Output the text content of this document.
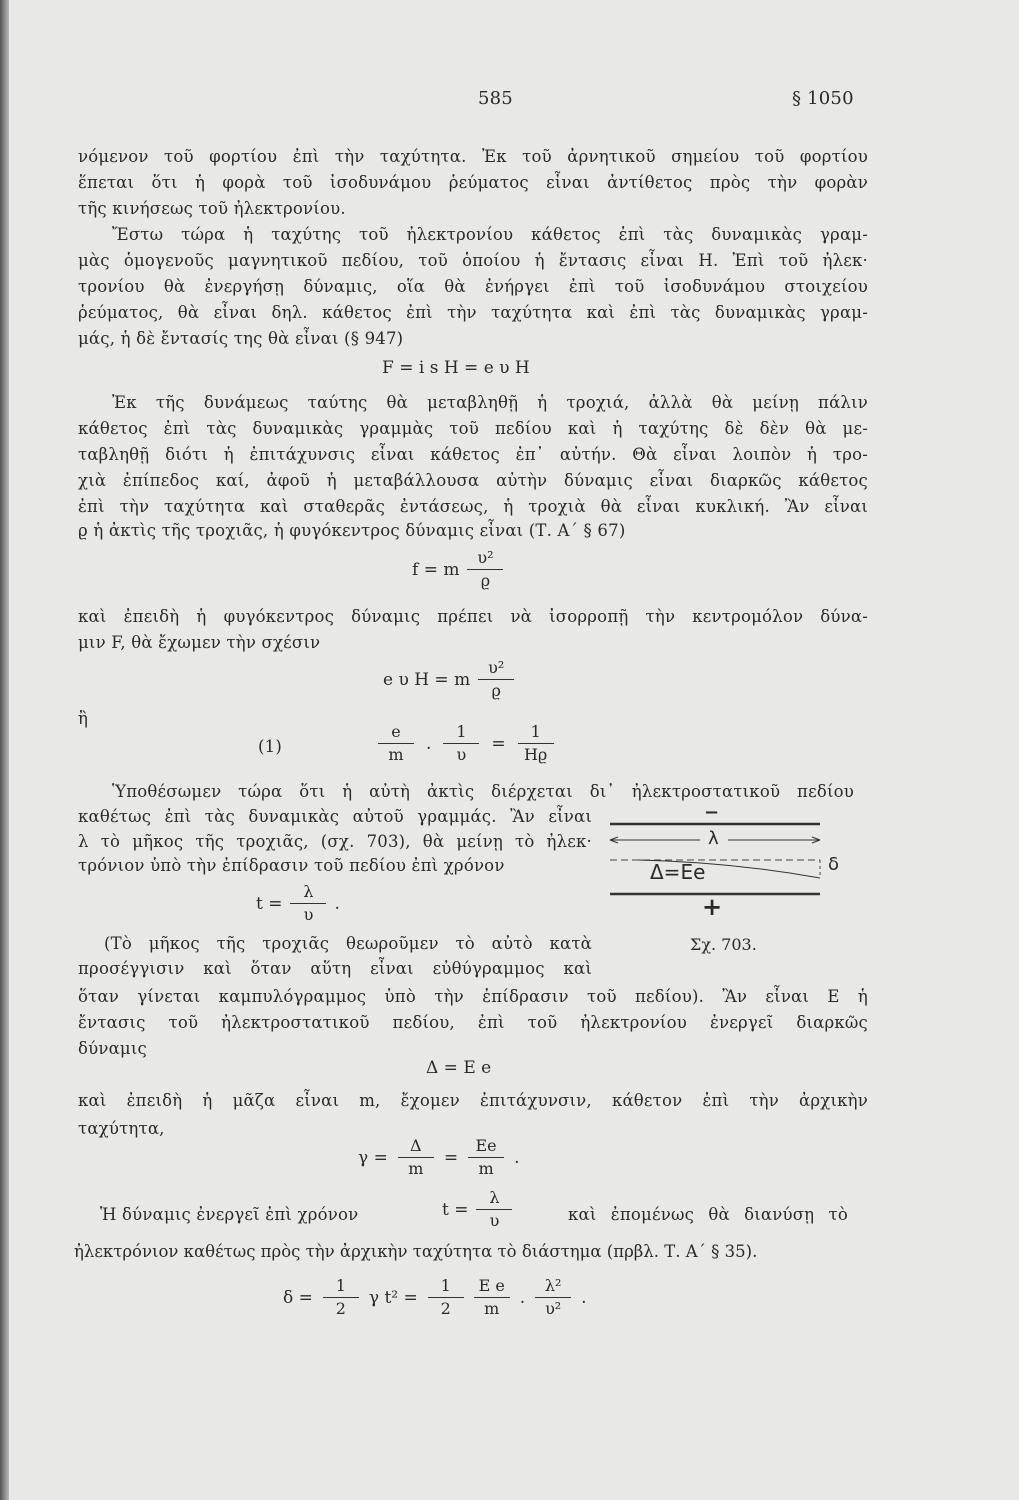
585	§ 1050
νόμενον τοῦ φορτίου ἐπὶ τὴν ταχύτητα. Ἐκ τοῦ ἀρνητικοῦ σημείου τοῦ φορτίου
ἕπεται ὅτι ἡ φορὰ τοῦ ἰσοδυνάμου ῥεύματος εἶναι ἀντίθετος πρὸς τὴν φορὰν
τῆς κινήσεως τοῦ ἠλεκτρονίου.
Ἔστω τώρα ἡ ταχύτης τοῦ ἠλεκτρονίου κάθετος ἐπὶ τὰς δυναμικὰς γραμ-
μὰς ὁμογενοῦς μαγνητικοῦ πεδίου, τοῦ ὁποίου ἡ ἔντασις εἶναι H. Ἐπὶ τοῦ ἠλεκ·
τρονίου θὰ ἐνεργήσῃ δύναμις, οἵα θὰ ἐνήργει ἐπὶ τοῦ ἰσοδυνάμου στοιχείου
ῥεύματος, θὰ εἶναι δηλ. κάθετος ἐπὶ τὴν ταχύτητα καὶ ἐπὶ τὰς δυναμικὰς γραμ-
μάς, ἡ δὲ ἔντασίς της θὰ εἶναι (§ 947)
F = i s H = e υ H
Ἐκ τῆς δυνάμεως ταύτης θὰ μεταβληθῇ ἡ τροχιά, ἀλλὰ θὰ μείνῃ πάλιν
κάθετος ἐπὶ τὰς δυναμικὰς γραμμὰς τοῦ πεδίου καὶ ἡ ταχύτης δὲ δὲν θὰ με-
ταβληθῇ διότι ἡ ἐπιτάχυνσις εἶναι κάθετος ἐπ᾽ αὐτήν. Θὰ εἶναι λοιπὸν ἡ τρο-
χιὰ ἐπίπεδος καί, ἀφοῦ ἡ μεταβάλλουσα αὐτὴν δύναμις εἶναι διαρκῶς κάθετος
ἐπὶ τὴν ταχύτητα καὶ σταθερᾶς ἐντάσεως, ἡ τροχιὰ θὰ εἶναι κυκλική. Ἂν εἶναι
ϱ ἡ ἀκτὶς τῆς τροχιᾶς, ἡ φυγόκεντρος δύναμις εἶναι (Τ. Α΄ § 67)
f = m $\frac{\text{υ²}}{ϱ}$
καὶ ἐπειδὴ ἡ φυγόκεντρος δύναμις πρέπει νὰ ἰσορροπῇ τὴν κεντρομόλον δύνα-
μιν F, θὰ ἔχωμεν τὴν σχέσιν
e υ H = m $\frac{\text{υ²}}{ϱ}$
ἢ
(1)	$\frac{e}{m}$ . $\frac{1}{\upsilon} = \frac{1}{Hϱ}$
Ὑποθέσωμεν τώρα ὅτι ἡ αὐτὴ ἀκτὶς διέρχεται δι᾽ ἠλεκτροστατικοῦ πεδίου
καθέτως ἐπὶ τὰς δυναμικὰς αὐτοῦ γραμμάς. Ἂν εἶναι
λ τὸ μῆκος τῆς τροχιᾶς, (σχ. 703), θὰ μείνῃ τὸ ἠλεκ·
τρόνιον ὑπὸ τὴν ἐπίδρασιν τοῦ πεδίου ἐπὶ χρόνον
$t = \frac{\lambda}{\upsilon}$ .
−
λ
δ
Δ=Ee
+
Σχ. 703.
(Τὸ μῆκος τῆς τροχιᾶς θεωροῦμεν τὸ αὐτὸ κατὰ
προσέγγισιν καὶ ὅταν αὕτη εἶναι εὐθύγραμμος καὶ
ὅταν γίνεται καμπυλόγραμμος ὑπὸ τὴν ἐπίδρασιν τοῦ πεδίου). Ἂν εἶναι E ἡ
ἔντασις τοῦ ἠλεκτροστατικοῦ πεδίου, ἐπὶ τοῦ ἠλεκτρονίου ἐνεργεῖ διαρκῶς
δύναμις
Δ = E e
καὶ ἐπειδὴ ἡ μᾶζα εἶναι m, ἔχομεν ἐπιτάχυνσιν, κάθετον ἐπὶ τὴν ἀρχικὴν
ταχύτητα,
$\gamma = \frac{\Delta}{m} = \frac{Ee}{m}$ .
Ἡ δύναμις ἐνεργεῖ ἐπὶ χρόνον	$t = \frac{\lambda}{\upsilon}$	καὶ ἐπομένως θὰ διανύσῃ τὸ
ἠλεκτρόνιον καθέτως πρὸς τὴν ἀρχικὴν ταχύτητα τὸ διάστημα (πρβλ. Τ. Α΄ § 35).
$\delta = \frac{1}{2}$ γ $t^2 = \frac{1}{2} \frac{\text{E e}}{m}$ . $\frac{\text{λ²}}{\text{υ²}}$ .
